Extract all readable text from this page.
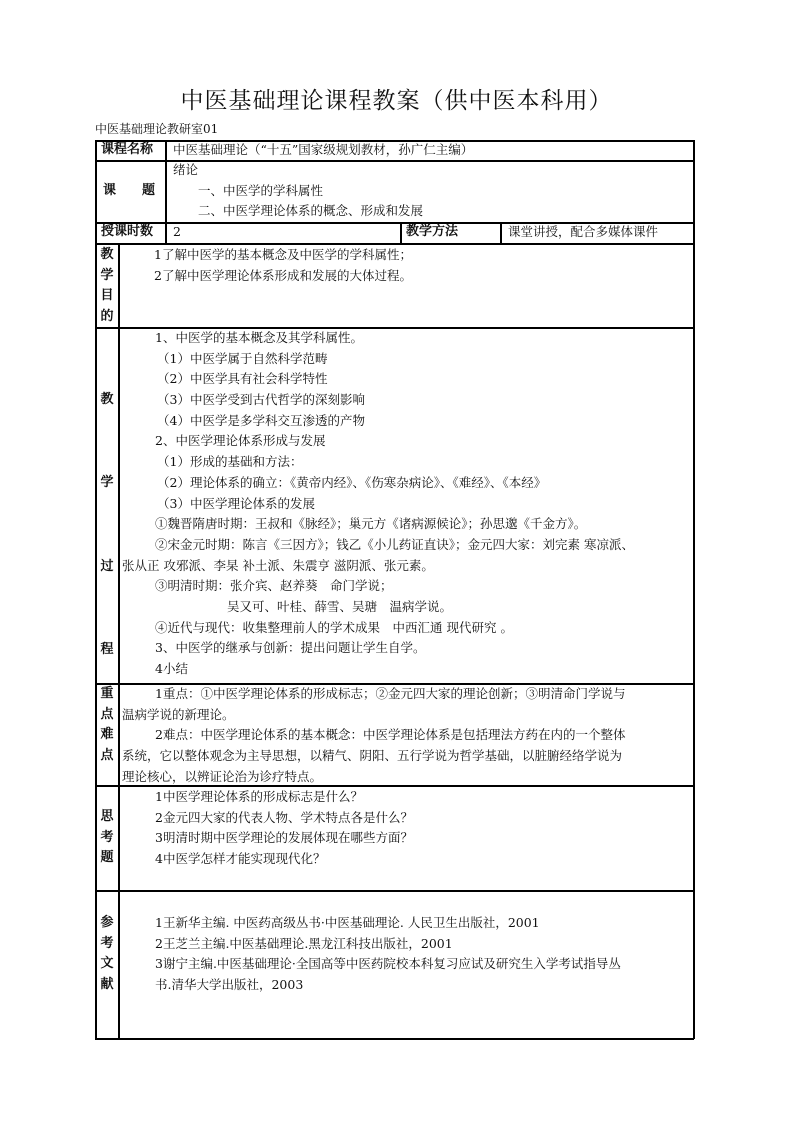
中医基础理论课程教案（供中医本科用）
中医基础理论教研室01
课程名称 中医基础理论（“十五”国家级规划教材，孙广仁主编）
课　　题
绪论
　　一、中医学的学科属性
　　二、中医学理论体系的概念、形成和发展
授课时数 2	教学方法	课堂讲授，配合多媒体课件
教
学
目
的
1了解中医学的基本概念及中医学的学科属性；
2了解中医学理论体系形成和发展的大体过程。
教
学
过
程
1、中医学的基本概念及其学科属性。
（1）中医学属于自然科学范畴
（2）中医学具有社会科学特性
（3）中医学受到古代哲学的深刻影响
（4）中医学是多学科交互渗透的产物
2、中医学理论体系形成与发展
（1）形成的基础和方法：
（2）理论体系的确立：《黄帝内经》、《伤寒杂病论》、《难经》、《本经》
（3）中医学理论体系的发展
①魏晋隋唐时期：王叔和《脉经》；巢元方《诸病源候论》；孙思邈《千金方》。
②宋金元时期：陈言《三因方》；钱乙《小儿药证直诀》；金元四大家：刘完素 寒凉派、
张从正 攻邪派、李杲 补土派、朱震亨 滋阴派、张元素。
③明清时期：张介宾、赵养葵　命门学说；
吴又可、叶桂、薛雪、吴瑭　温病学说。
④近代与现代：收集整理前人的学术成果　中西汇通 现代研究 。
3、中医学的继承与创新：提出问题让学生自学。
4小结
重
点
难
点
1重点：①中医学理论体系的形成标志；②金元四大家的理论创新；③明清命门学说与
温病学说的新理论。
2难点：中医学理论体系的基本概念：中医学理论体系是包括理法方药在内的一个整体
系统，它以整体观念为主导思想，以精气、阴阳、五行学说为哲学基础，以脏腑经络学说为
理论核心，以辨证论治为诊疗特点。
思
考
题
1中医学理论体系的形成标志是什么？
2金元四大家的代表人物、学术特点各是什么？
3明清时期中医学理论的发展体现在哪些方面？
4中医学怎样才能实现现代化？
参
考
文
献
1王新华主编. 中医药高级丛书·中医基础理论. 人民卫生出版社，2001
2王芝兰主编.中医基础理论.黑龙江科技出版社，2001
3谢宁主编.中医基础理论·全国高等中医药院校本科复习应试及研究生入学考试指导丛
书.清华大学出版社，2003
